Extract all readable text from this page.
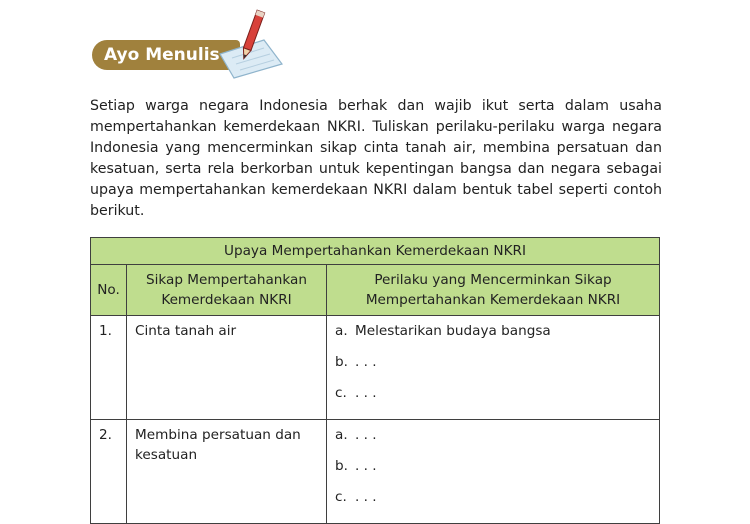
Ayo Menulis

Setiap warga negara Indonesia berhak dan wajib ikut serta dalam usaha mempertahankan kemerdekaan NKRI. Tuliskan perilaku-perilaku warga negara Indonesia yang mencerminkan sikap cinta tanah air, membina persatuan dan kesatuan, serta rela berkorban untuk kepentingan bangsa dan negara sebagai upaya mempertahankan kemerdekaan NKRI dalam bentuk tabel seperti contoh berikut.

Upaya Mempertahankan Kemerdekaan NKRI		
No.	Sikap Mempertahankan Kemerdekaan NKRI	Perilaku yang Mencerminkan Sikap Mempertahankan Kemerdekaan NKRI
1.	Cinta tanah air	a. Melestarikan budaya bangsa
b. . . .
c. . . .

2.	Membina persatuan dan kesatuan	a. . . .
b. . . .
c. . . .
